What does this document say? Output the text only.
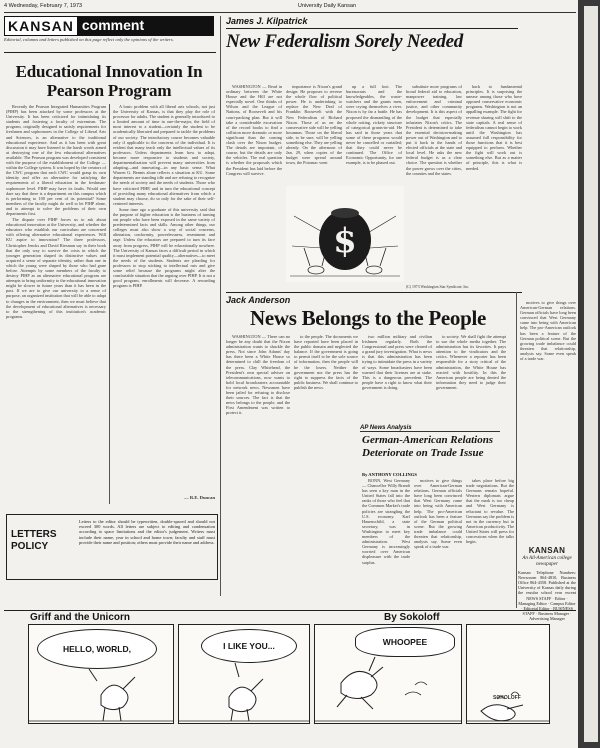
4 Wednesday, February 7, 1973	University Daily Kansan
KANSAN comment
Editorial, columns and letters published on this page reflect only the opinions of the writers.
Educational Innovation In Pearson Program

Recently the Pearson Integrated Humanities Program (PIHP) has been attacked by some professors at the University. It has been criticized for intimidating its students and fostering a faculty of extremism. The program, originally designed to satisfy requirements for freshmen and sophomores in the College of Liberal Arts and Sciences, is an alternative to the traditional educational experience. And as it has been with great discussion it may have listened to the harsh words aimed at destroying one of the few educational alternatives available. The Pearson program was developed consistent with the purpose of the establishment of the College — within the College system. It was hoped by the creators of the CWC program that each CWC would grasp its own identity and offer an alternative for satisfying the requirements of a liberal education in the freshman-sophomore level. PIHP may have its faults. Would one dare say that there is a department on this campus which is performing to 100 per cent of its potential? Some members of the faculty might do well to let PIHP alone, and to attempt to solve the problems of their own departments first.

The dispute over PIHP forces us to ask about educational innovation at the University, and whether the educators who establish our curriculum are concerned with offering alternative educational experiences. Will KU aspire to innovation? The three professors, Christopher Jencks and David Riesman say in their book that the only way to survive the crisis in which the younger generation shaped its distinctive values and acquired a sense of separate identity, rather than one in which the young were shaped by those who had gone before. Attempts by some members of the faculty to destroy PIHP as an alternative educational program are attempts to bring uniformity to the educational innovation might be slower in future years than it has been in the past. If we are to give our university to a sense of purpose, an organized institution that will be able to adapt to changes in the environment, then we must believe that the development of educational alternatives is necessary to the strengthening of this institution's academic programs.

A basic problem with all liberal arts schools, not just the University of Kansas, is that they play the role of processor for adults. The student is generally introduced to a limited amount of time in one-the-major, the field of most interest to a student—certainly the student to be academically liberated and prepared to tackle the problems of our society. The introductory course becomes valuable only if applicable to the concerns of the individual. It is evident that many teach only the intellectual values of its professors. Unless departments learn how to adapt, become more responsive to students and society, departmentalization will prevent many universities from adapting—and innovating—in any basic sense. What Warren G. Bennis alone reflects a situation at KU. Some departments are standing idle and are refusing to recognize the needs of society and the needs of students. Those who have criticized PIHP, and in turn the educational concept of providing many educational alternatives from which a student may choose, do so only for the sake of their self-centered interests.

Some time ago a graduate of this university said that the purpose of higher education is the business of turning out people who have been exposed in the same variety of predetermined facts and skills. Among other things, our colleges must also show a way of social concerns, alienation, conformity, powerlessness, resentment and rage. Unless the educators are prepared to turn its face away from progress, PIHP will be educationally nowhere. The University of Kansas faces a difficult period in which it must implement potential quality—alternatives—to meet the needs of the students. Students are pleading for professors to stop sticking to intellectual ruts and give some relief because the programs might alter the comfortable situation that the arguing over PIHP. It is not a good program, enrollments will decrease. A rewarding program is PIHP.

— R.E. Duncan
LETTERS POLICY
Letters to the editor should be typewritten, double-spaced and should not exceed 300 words. All letters are subject to editing and condensation according to space limitations and the editor's judgement. Writers must include their name, year in school and home town; faculty and staff must provide their name and position; others must provide their name and address.
James J. Kilpatrick
New Federalism Sorely Needed

WASHINGTON — Read in ordinary between the White House and the Hill are not especially novel. One thinks of Wilson and the League of Nations, of Roosevelt and his court-packing plan. But it will take a considerable excavation of the record books to find a collision more dramatic or more significant than the coming clash over the Nixon budget. The details are important, of course, but the details are only the vehicles. The real question is whether the proposals which the President has laid before the Congress will survive.

importance is Nixon's grand design: He proposes to reverse the whole flow of political power. He is undertaking to replace the New Deal of Franklin Roosevelt with the New Federalism of Richard Nixon. Those of us on the conservative side will be yelling hosannas. Those on the liberal side, to be sure, will be yelling something else. They are yelling already. On the afternoon of Jan. 29, when copies of the budget were spread around town, the Potomac went

up a full foot. The bureaucrats and the knowledgeables, the waste-watchers and the grants men, were crying themselves a river. Nixon is by far a battle. He has proposed the dismantling of the whole rotting, rickety structure of categorical grants-in-aid. He has said in those years that some of these programs would never be cancelled or curtailed; that they could never be continued. The Office of Economic Opportunity, for one example, is to be phased out.

substitute more programs of broad federal aid to education, manpower training, law enforcement and criminal justice, and other community development. It is this aspect of the budget that especially infuriates Nixon's critics. The President is determined to take the essential decision-making power out of Washington and to put it back in the hands of elected officials at the state and local level. He asks the new federal budget is as a clear choice. The question is whether the power grows over the cities, the counties and the states.

back to fundamental principles. It is surprising the unease among those who have opposed conservative economic programs. Washington is not an appalling example. The fight for revenue sharing will shift to the state capitals. A real sense of federalism cannot begin to work until the Washington has assumed full responsibility for those functions that it is best equipped to perform. Whether the fight will work out is something else. But as a matter of principle, this is what is needed.

$
(C) 1973 Washington Star Syndicate, Inc.
Jack Anderson
News Belongs to the People

WASHINGTON — There can no longer be any doubt that the Nixon administration wants to shackle the press. Not since John Adams' day has there been a White House so determined to chill the freedom of the press. Clay Whitehead, the President's own special adviser on telecommunications, now wants to hold local broadcasters accountable for network news. Newsmen have been jailed for refusing to disclose their sources. The fact is that the news belongs to the people, and the First Amendment was written to protect it.

to the people. The documents we have reported have been placed in the public domain and neglected the balance. If the government is going to permit itself to be the sole source of information, then the people will be the losers. Neither the government nor the press has the right to suppress the facts of the public business. We shall continue to publish the news.

two million military and civilian Irishmen regularly. Both the Congressional and press were cleared of a grand jury investigation. What is news is that this administration has been trying to intimidate the press in a variety of ways. Some broadcasters have been warned that their licenses are at stake. This is a dangerous precedent. The people have a right to know what their government is doing.

to society. We shall fight the attempt to sue the whole media together. The administration has its favorites. It pays attention to the vindicators and the critics. Whenever a reporter has been responsible for a story critical of the administration, the White House has reacted with hostility. In this the American people are being denied the information they need to judge their government.

AP News Analysis
German-American Relations Deteriorate on Trade Issue
By ANTHONY COLLINGS

BONN, West Germany — Chancellor Willy Brandt has seen a key man in the United States fall into the ranks of those who feel that the Common Market's trade policies are strangling the U.S. economy. Karl Hauenschild, a state secretary, was in Washington to meet key members of the administration. West Germany is increasingly worried over American displeasure with the trade surplus.

motives to give things over American-German relations. German officials have long been convinced that West Germany came into being with American help. The pro-American outlook has been a feature of the German political scene. But the growing trade imbalance could threaten that relationship, analysts say. Some even speak of a trade war.

takes place before big trade negotiations. But the Germans remain hopeful. Western diplomats argue that the mark is too cheap and West Germany is reluctant to revalue. The Germans say the problem is not in the currency but in American productivity. The United States will press for concessions when the talks begin.

motives to give things over American-German relations. German officials have long been convinced that West Germany came into being with American help. The pro-American outlook has been a feature of the German political scene. But the growing trade imbalance could threaten that relationship, analysts say. Some even speak of a trade war.

KANSAN
An All-American college newspaper
Kansan Telephone Numbers: Newsroom 864-4810, Business Office 864-4358. Published at the University of Kansas daily during the regular school year except
NEWS STAFF · Editor · Managing Editor · Campus Editor · Editorial Editor · BUSINESS STAFF · Business Manager · Advertising Manager
Griff and the Unicorn	By Sokoloff
HELLO, WORLD,	I LIKE YOU...	WHOOPEE
SOKOLOFF
